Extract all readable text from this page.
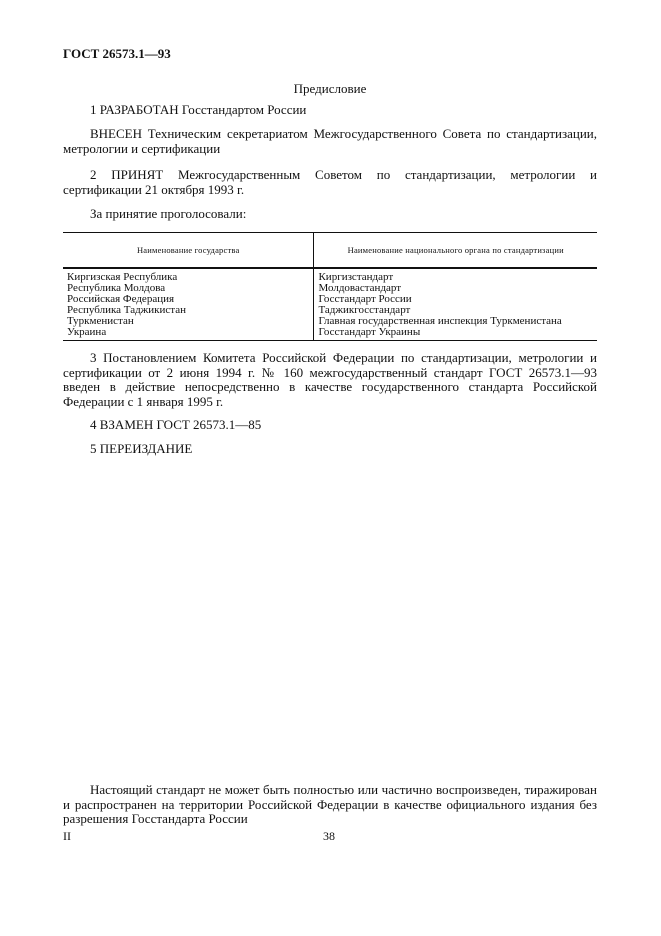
ГОСТ 26573.1—93
Предисловие

1 РАЗРАБОТАН Госстандартом России

ВНЕСЕН Техническим секретариатом Межгосударственного Совета по стандартизации, метрологии и сертификации

2 ПРИНЯТ Межгосударственным Советом по стандартизации, метрологии и сертификации 21 октября 1993 г.

За принятие проголосовали:

Наименование государства	Наименование национального органа по стандартизации
Киргизская Республика	Киргизстандарт
Республика Молдова	Молдовастандарт
Российская Федерация	Госстандарт России
Республика Таджикистан	Таджикгосстандарт
Туркменистан	Главная государственная инспекция Туркменистана
Украина	Госстандарт Украины

3 Постановлением Комитета Российской Федерации по стандартизации, метрологии и сертификации от 2 июня 1994 г. № 160 межгосударственный стандарт ГОСТ 26573.1—93 введен в действие непосредственно в качестве государственного стандарта Российской Федерации с 1 января 1995 г.

4 ВЗАМЕН ГОСТ 26573.1—85

5 ПЕРЕИЗДАНИЕ

Настоящий стандарт не может быть полностью или частично воспроизведен, тиражирован и распространен на территории Российской Федерации в качестве официального издания без разрешения Госстандарта России

II	38
